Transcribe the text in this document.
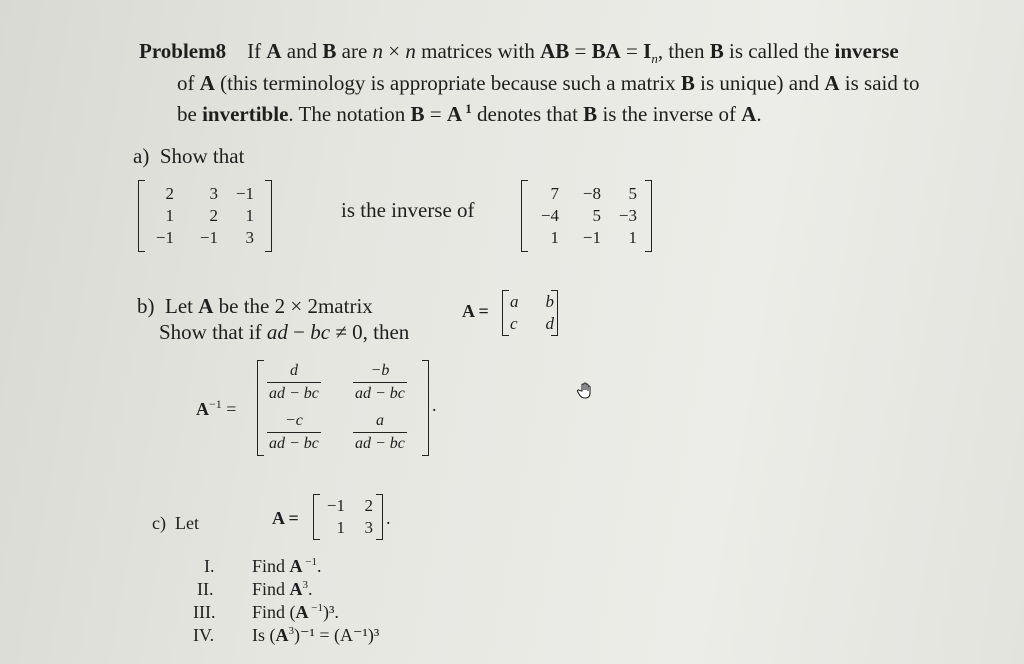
Problem8 If A and B are n × n matrices with AB = BA = $I_n$, then B is called the inverse
of A (this terminology is appropriate because such a matrix B is unique) and A is said to
be invertible. The notation B = A $^1$ denotes that B is the inverse of A.
a) Show that
2	3	−1
1	2	1
−1	−1	3
is the inverse of
7	−8	5
−4	5	−3
1	−1	1
b) Let A be the 2 × 2matrix
Show that if ad − bc ≠ 0, then
A = a	b
c	d
$A^{-1}$ =
$\frac{d}{ad - bc} \frac{-b}{ad - bc}$
$\frac{-c}{ad - bc} \frac{a}{ad - bc}$
.
c) Let	A =
−1	2
1	3 .
I. Find A $^{-1}$.
II. Find $A^3$.
III. Find (A $^{-1}$)³.
IV. Is $(A^3)^{-1} = (A^{-1})^3$
